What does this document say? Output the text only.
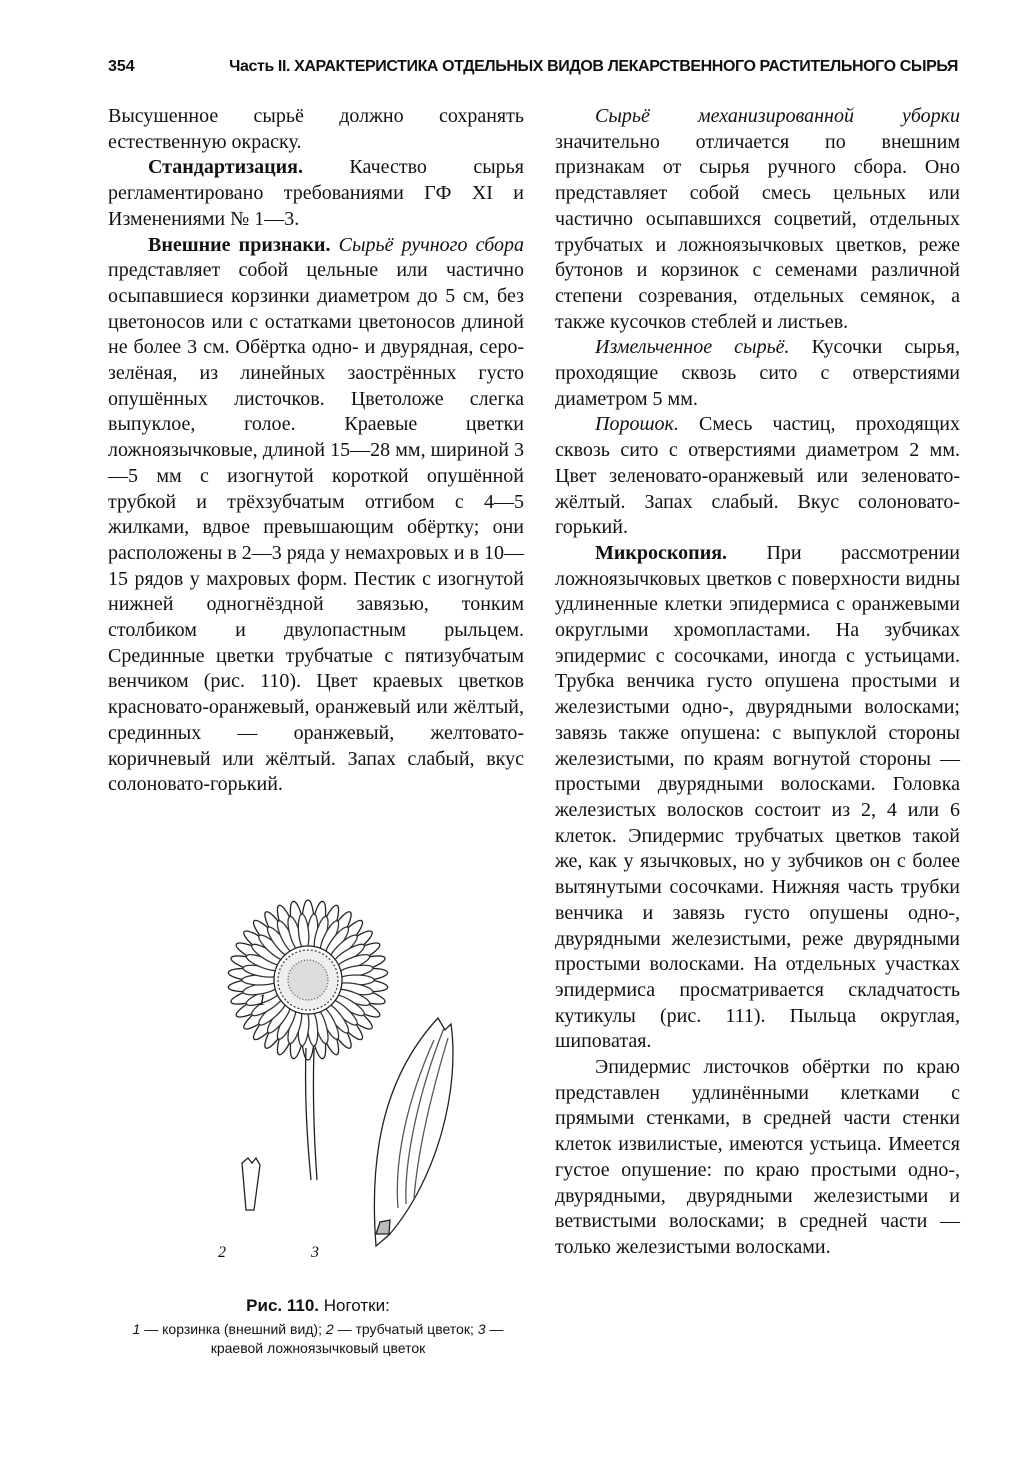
354	Часть II. ХАРАКТЕРИСТИКА ОТДЕЛЬНЫХ ВИДОВ ЛЕКАРСТВЕННОГО РАСТИТЕЛЬНОГО СЫРЬЯ

Высушенное сырьё должно сохранять естественную окраску.

Стандартизация. Качество сырья регламентировано требованиями ГФ XI и Изменениями № 1—3.

Внешние признаки. Сырьё ручного сбора представляет собой цельные или частично осыпавшиеся корзинки диаметром до 5 см, без цветоносов или с остатками цветоносов длиной не более 3 см. Обёртка одно- и двурядная, серо-зелёная, из линейных заострённых густо опушённых листочков. Цветоложе слегка выпуклое, голое. Краевые цветки ложноязычковые, длиной 15—28 мм, шириной 3—5 мм с изогнутой короткой опушённой трубкой и трёхзубчатым отгибом с 4—5 жилками, вдвое превышающим обёртку; они расположены в 2—3 ряда у немахровых и в 10—15 рядов у махровых форм. Пестик с изогнутой нижней одногнёздной завязью, тонким столбиком и двулопастным рыльцем. Срединные цветки трубчатые с пятизубчатым венчиком (рис. 110). Цвет краевых цветков красновато-оранжевый, оранжевый или жёлтый, срединных — оранжевый, желтовато-коричневый или жёлтый. Запах слабый, вкус солоновато-горький.

1
2	3
Рис. 110. Ноготки:
1 — корзинка (внешний вид); 2 — трубчатый цветок; 3 — краевой ложноязычковый цветок

Сырьё механизированной уборки значительно отличается по внешним признакам от сырья ручного сбора. Оно представляет собой смесь цельных или частично осыпавшихся соцветий, отдельных трубчатых и ложноязычковых цветков, реже бутонов и корзинок с семенами различной степени созревания, отдельных семянок, а также кусочков стеблей и листьев.

Измельченное сырьё. Кусочки сырья, проходящие сквозь сито с отверстиями диаметром 5 мм.

Порошок. Смесь частиц, проходящих сквозь сито с отверстиями диаметром 2 мм. Цвет зеленовато-оранжевый или зеленовато-жёлтый. Запах слабый. Вкус солоновато-горький.

Микроскопия. При рассмотрении ложноязычковых цветков с поверхности видны удлиненные клетки эпидермиса с оранжевыми округлыми хромопластами. На зубчиках эпидермис с сосочками, иногда с устьицами. Трубка венчика густо опушена простыми и железистыми одно-, двурядными волосками; завязь также опушена: с выпуклой стороны железистыми, по краям вогнутой стороны — простыми двурядными волосками. Головка железистых волосков состоит из 2, 4 или 6 клеток. Эпидермис трубчатых цветков такой же, как у язычковых, но у зубчиков он с более вытянутыми сосочками. Нижняя часть трубки венчика и завязь густо опушены одно-, двурядными железистыми, реже двурядными простыми волосками. На отдельных участках эпидермиса просматривается складчатость кутикулы (рис. 111). Пыльца округлая, шиповатая.

Эпидермис листочков обёртки по краю представлен удлинёнными клетками с прямыми стенками, в средней части стенки клеток извилистые, имеются устьица. Имеется густое опушение: по краю простыми одно-, двурядными, двурядными железистыми и ветвистыми волосками; в средней части — только железистыми волосками.
